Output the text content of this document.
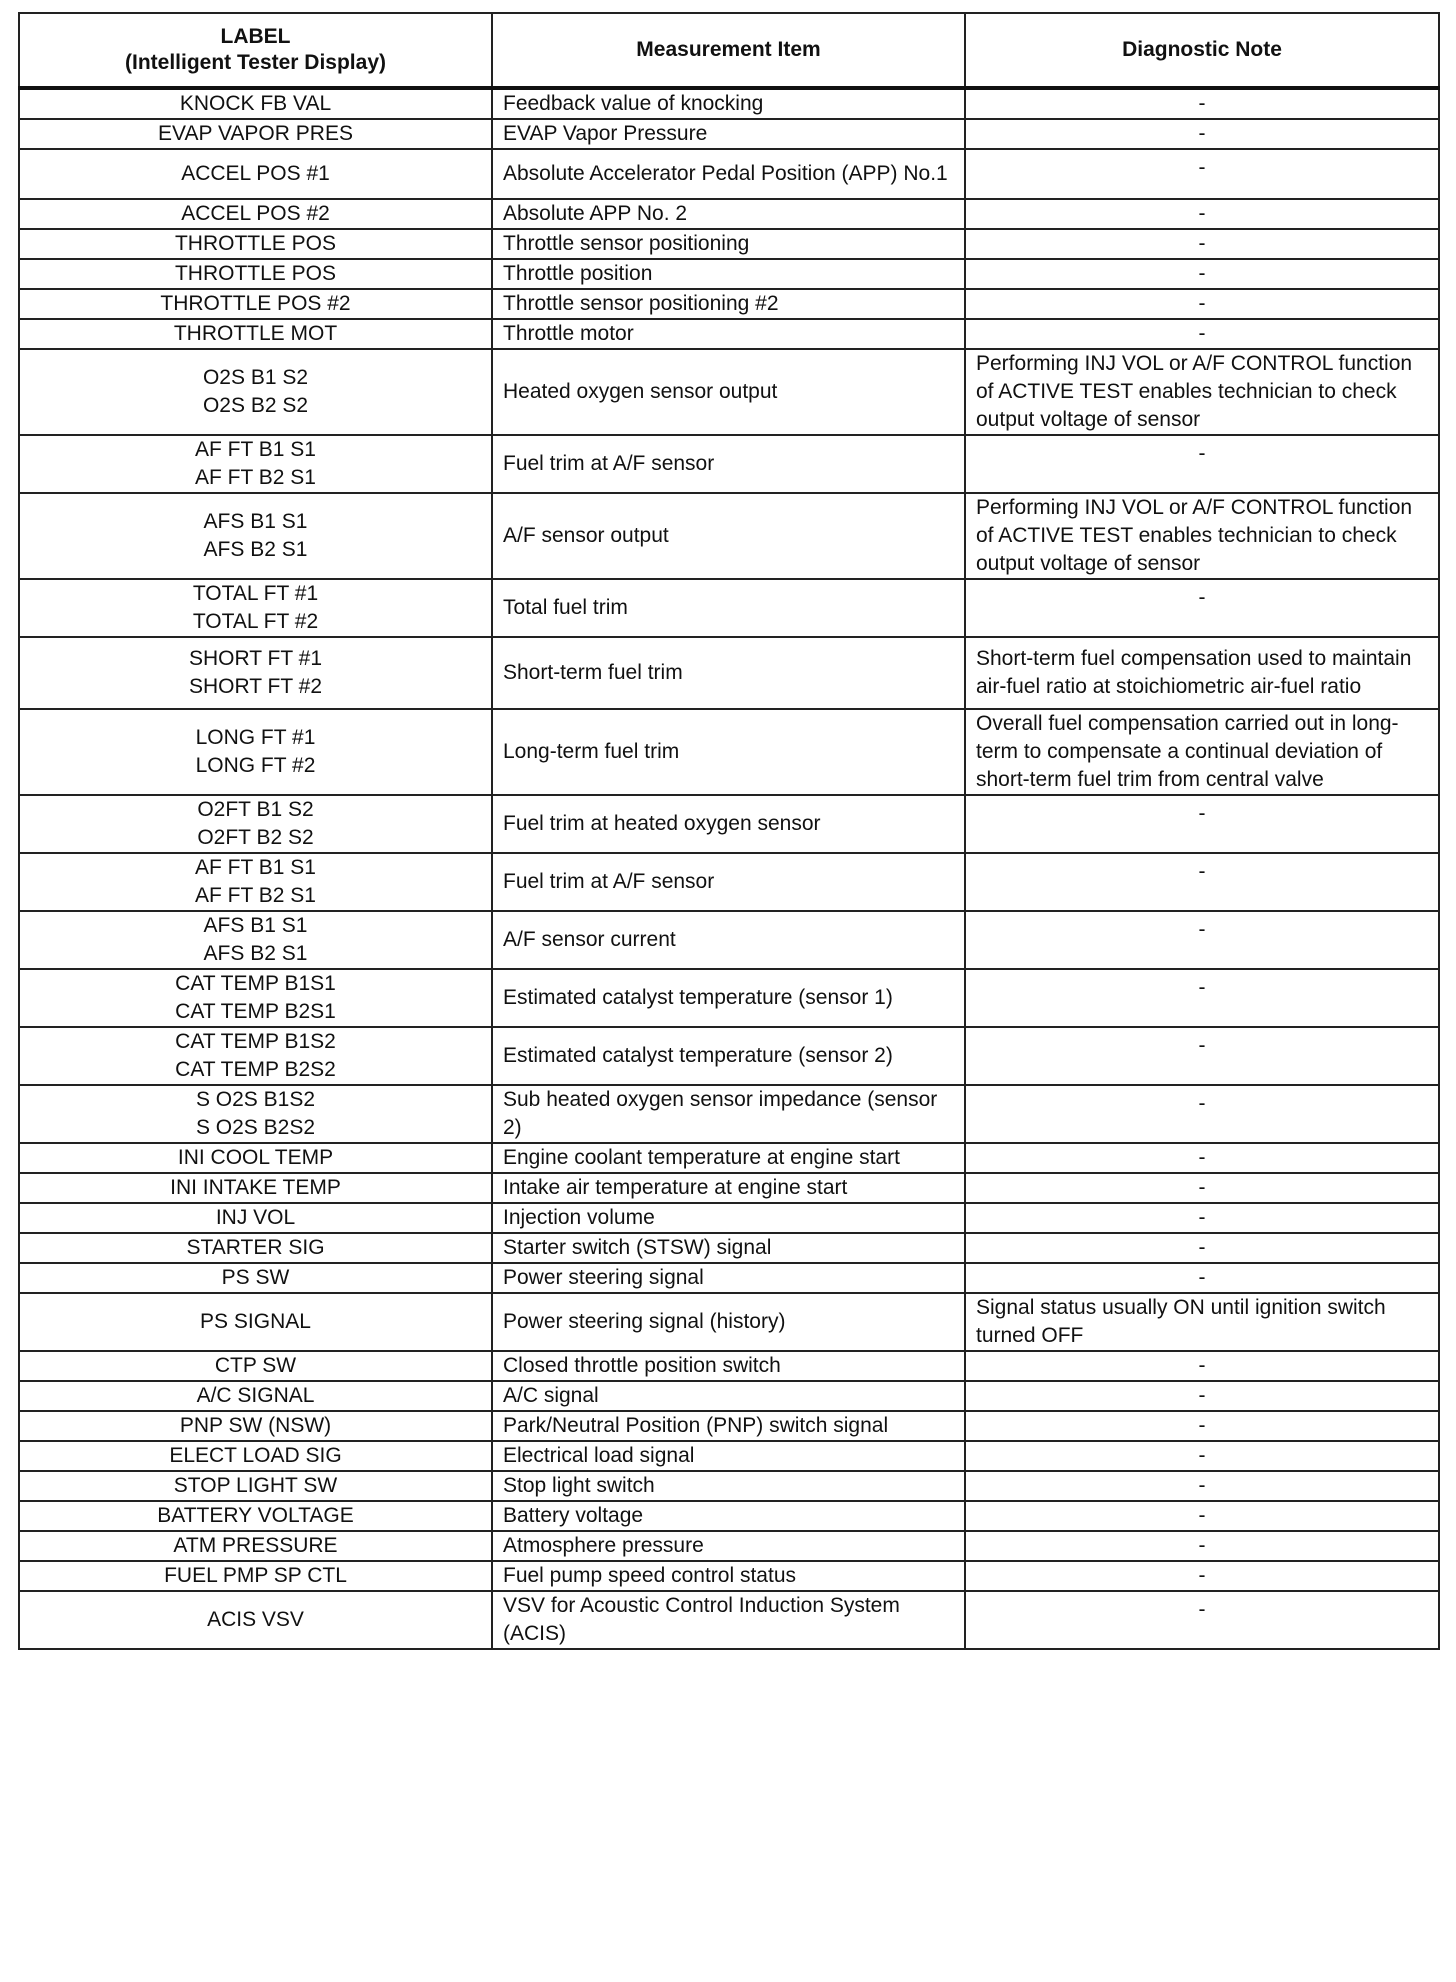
LABEL
(Intelligent Tester Display)	Measurement Item	Diagnostic Note

KNOCK FB VAL	Feedback value of knocking	-

EVAP VAPOR PRES	EVAP Vapor Pressure	-

ACCEL POS #1	Absolute Accelerator Pedal Position (APP) No.1	-

ACCEL POS #2	Absolute APP No. 2	-

THROTTLE POS	Throttle sensor positioning	-

THROTTLE POS	Throttle position	-

THROTTLE POS #2	Throttle sensor positioning #2	-

THROTTLE MOT	Throttle motor	-

O2S B1 S2
O2S B2 S2	Heated oxygen sensor output	Performing INJ VOL or A/F CONTROL function of ACTIVE TEST enables technician to check output voltage of sensor

AF FT B1 S1
AF FT B2 S1	Fuel trim at A/F sensor	-

AFS B1 S1
AFS B2 S1	A/F sensor output	Performing INJ VOL or A/F CONTROL function of ACTIVE TEST enables technician to check output voltage of sensor

TOTAL FT #1
TOTAL FT #2	Total fuel trim	-

SHORT FT #1
SHORT FT #2	Short-term fuel trim	Short-term fuel compensation used to maintain air-fuel ratio at stoichiometric air-fuel ratio

LONG FT #1
LONG FT #2	Long-term fuel trim	Overall fuel compensation carried out in long-term to compensate a continual deviation of short-term fuel trim from central valve

O2FT B1 S2
O2FT B2 S2	Fuel trim at heated oxygen sensor	-

AF FT B1 S1
AF FT B2 S1	Fuel trim at A/F sensor	-

AFS B1 S1
AFS B2 S1	A/F sensor current	-

CAT TEMP B1S1
CAT TEMP B2S1	Estimated catalyst temperature (sensor 1)	-

CAT TEMP B1S2
CAT TEMP B2S2	Estimated catalyst temperature (sensor 2)	-

S O2S B1S2
S O2S B2S2	Sub heated oxygen sensor impedance (sensor 2)	-

INI COOL TEMP	Engine coolant temperature at engine start	-

INI INTAKE TEMP	Intake air temperature at engine start	-

INJ VOL	Injection volume	-

STARTER SIG	Starter switch (STSW) signal	-

PS SW	Power steering signal	-

PS SIGNAL	Power steering signal (history)	Signal status usually ON until ignition switch turned OFF

CTP SW	Closed throttle position switch	-

A/C SIGNAL	A/C signal	-

PNP SW (NSW)	Park/Neutral Position (PNP) switch signal	-

ELECT LOAD SIG	Electrical load signal	-

STOP LIGHT SW	Stop light switch	-

BATTERY VOLTAGE	Battery voltage	-

ATM PRESSURE	Atmosphere pressure	-

FUEL PMP SP CTL	Fuel pump speed control status	-

ACIS VSV	VSV for Acoustic Control Induction System (ACIS)	-
